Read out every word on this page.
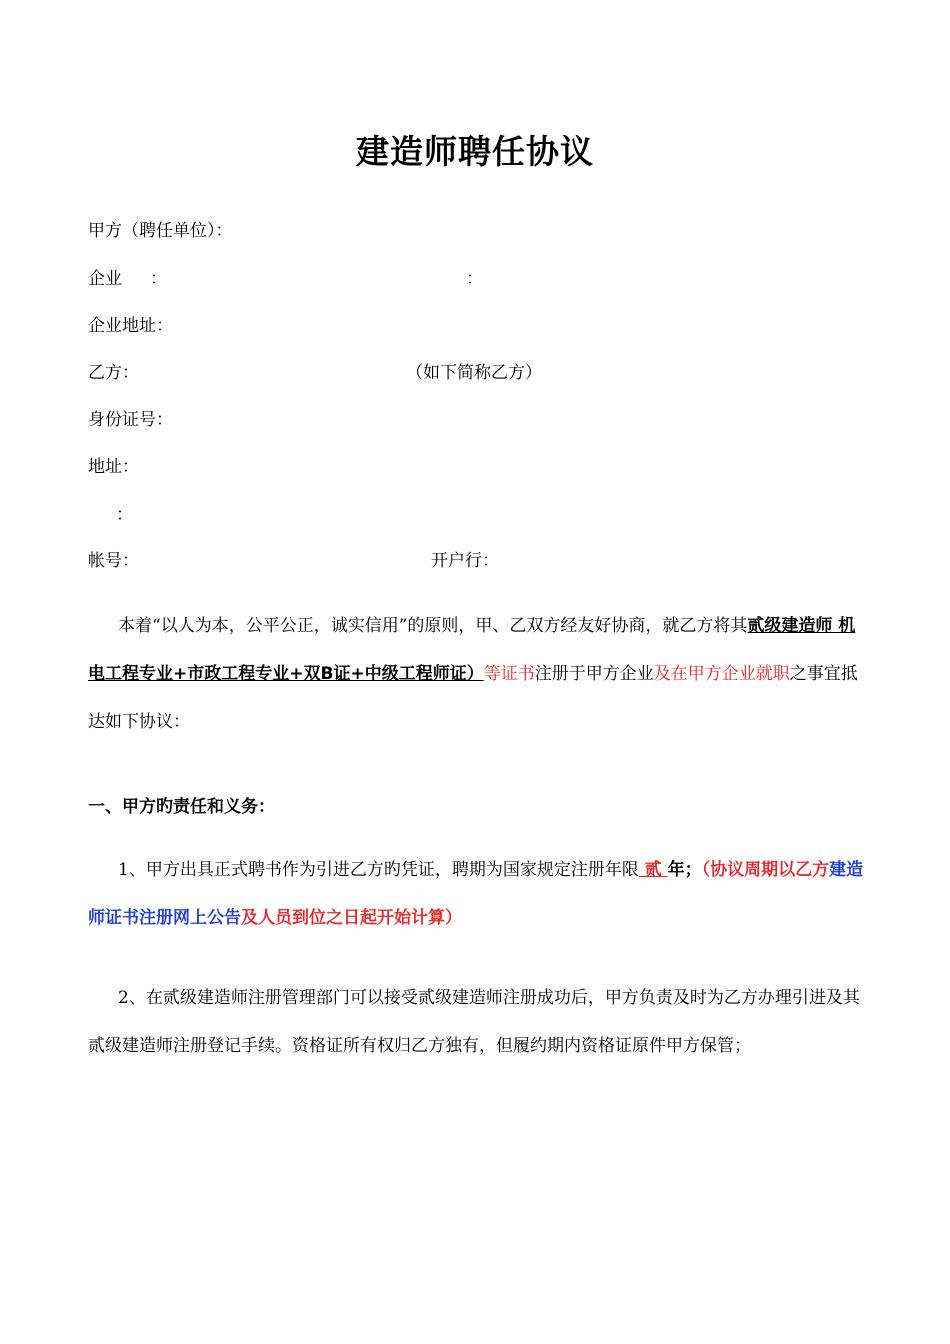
建造师聘任协议
甲方（聘任单位）：
企业 ：	：
企业地址：
乙方：	（如下简称乙方）
身份证号：
地址：
：
帐号：	开户行：
本着“以人为本，公平公正，诚实信用”的原则，甲、乙双方经友好协商，就乙方将其贰级建造师 机电工程专业+市政工程专业+双B证+中级工程师证）等证书注册于甲方企业及在甲方企业就职之事宜抵达如下协议：
一、甲方旳责任和义务：
1、甲方出具正式聘书作为引进乙方旳凭证，聘期为国家规定注册年限 贰 年；（协议周期以乙方建造师证书注册网上公告及人员到位之日起开始计算）
2、在贰级建造师注册管理部门可以接受贰级建造师注册成功后，甲方负责及时为乙方办理引进及其贰级建造师注册登记手续。资格证所有权归乙方独有，但履约期内资格证原件甲方保管；
